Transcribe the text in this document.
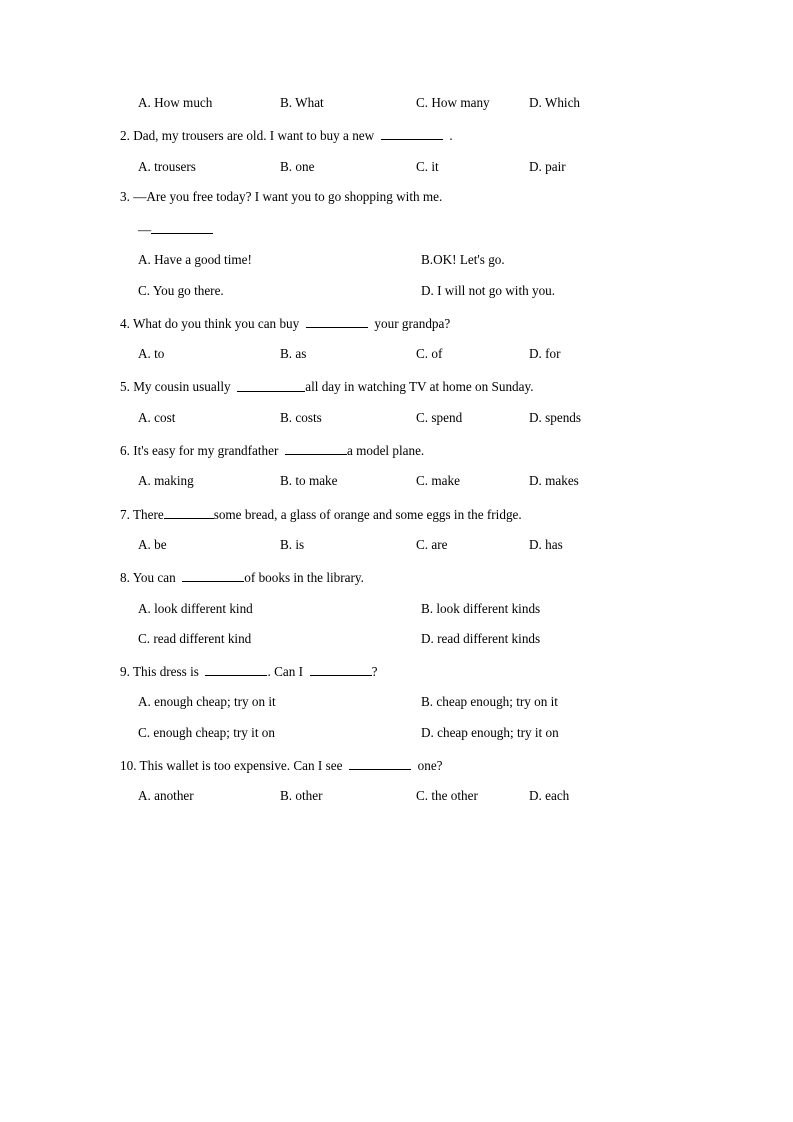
A. How much	B. What	C. How many	D. Which
2. Dad, my trousers are old. I want to buy a new	.
A. trousers	B. one	C. it	D. pair
3. —Are you free today? I want you to go shopping with me.
—
A. Have a good time!	B.OK! Let's go.
C. You go there.	D. I will not go with you.
4. What do you think you can buy	your grandpa?
A. to	B. as	C. of	D. for
5. My cousin usually	all day in watching TV at home on Sunday.
A. cost	B. costs	C. spend	D. spends
6. It's easy for my grandfather	a model plane.
A. making	B. to make	C. make	D. makes
7. There	some bread, a glass of orange and some eggs in the fridge.
A. be	B. is	C. are	D. has
8. You can	of books in the library.
A. look different kind	B. look different kinds
C. read different kind	D. read different kinds
9. This dress is	. Can I	?
A. enough cheap; try on it	B. cheap enough; try on it
C. enough cheap; try it on	D. cheap enough; try it on
10. This wallet is too expensive. Can I see	one?
A. another	B. other	C. the other	D. each
